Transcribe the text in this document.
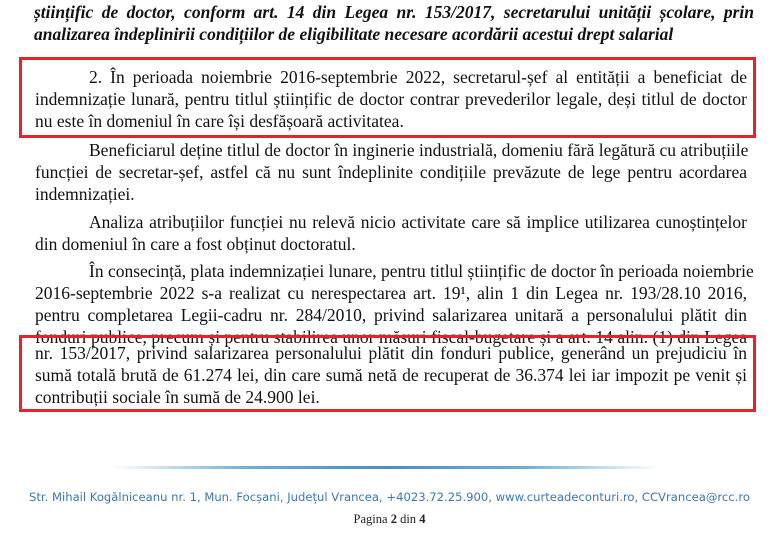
științific de doctor, conform art. 14 din Legea nr. 153/2017, secretarului unității școlare, prin
analizarea îndeplinirii condițiilor de eligibilitate necesare acordării acestui drept salarial
2. În perioada noiembrie 2016-septembrie 2022, secretarul-șef al entității a beneficiat de
indemnizație lunară, pentru titlul științific de doctor contrar prevederilor legale, deși titlul de doctor
nu este în domeniul în care își desfășoară activitatea.
Beneficiarul deține titlul de doctor în inginerie industrială, domeniu fără legătură cu atribuțiile
funcției de secretar-șef, astfel că nu sunt îndeplinite condițiile prevăzute de lege pentru acordarea
indemnizației.
Analiza atribuțiilor funcției nu relevă nicio activitate care să implice utilizarea cunoștințelor
din domeniul în care a fost obținut doctoratul.
În consecință, plata indemnizației lunare, pentru titlul științific de doctor în perioada noiembrie
2016-septembrie 2022 s-a realizat cu nerespectarea art. 19¹, alin 1 din Legea nr. 193/28.10 2016,
pentru completarea Legii-cadru nr. 284/2010, privind salarizarea unitară a personalului plătit din
fonduri publice, precum și pentru stabilirea unor măsuri fiscal-bugetare și a art. 14 alin. (1) din Legea
nr. 153/2017, privind salarizarea personalului plătit din fonduri publice, generând un prejudiciu în
sumă totală brută de 61.274 lei, din care sumă netă de recuperat de 36.374 lei iar impozit pe venit și
contribuții sociale în sumă de 24.900 lei.
Str. Mihail Kogălniceanu nr. 1, Mun. Focșani, Județul Vrancea, +4023.72.25.900, www.curteadeconturi.ro, CCVrancea@rcc.ro
Pagina 2 din 4
